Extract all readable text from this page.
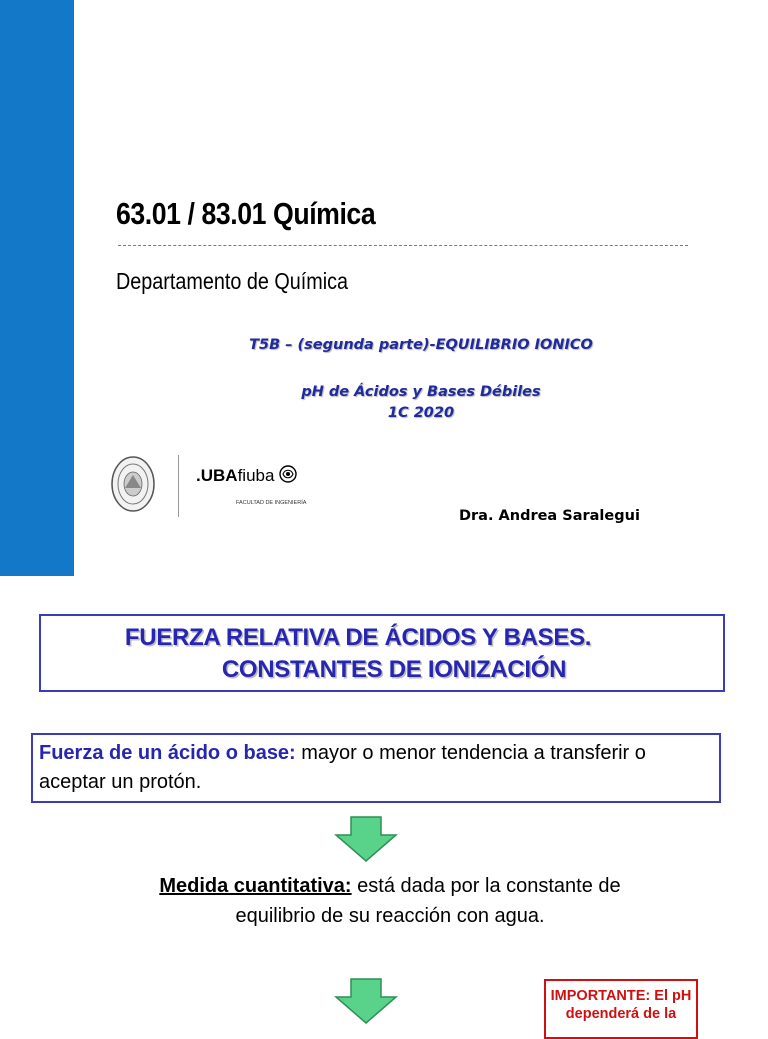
63.01 / 83.01 Química
Departamento de Química
T5B – (segunda parte)-EQUILIBRIO IONICO
pH de Ácidos y Bases Débiles
1C 2020
.UBAfiuba
FACULTAD DE INGENIERÍA
Dra. Andrea Saralegui
FUERZA RELATIVA DE ÁCIDOS Y BASES.
CONSTANTES DE IONIZACIÓN
Fuerza de un ácido o base: mayor o menor tendencia a transferir o aceptar un protón.
Medida cuantitativa: está dada por la constante de equilibrio de su reacción con agua.
IMPORTANTE: El pH dependerá de la
